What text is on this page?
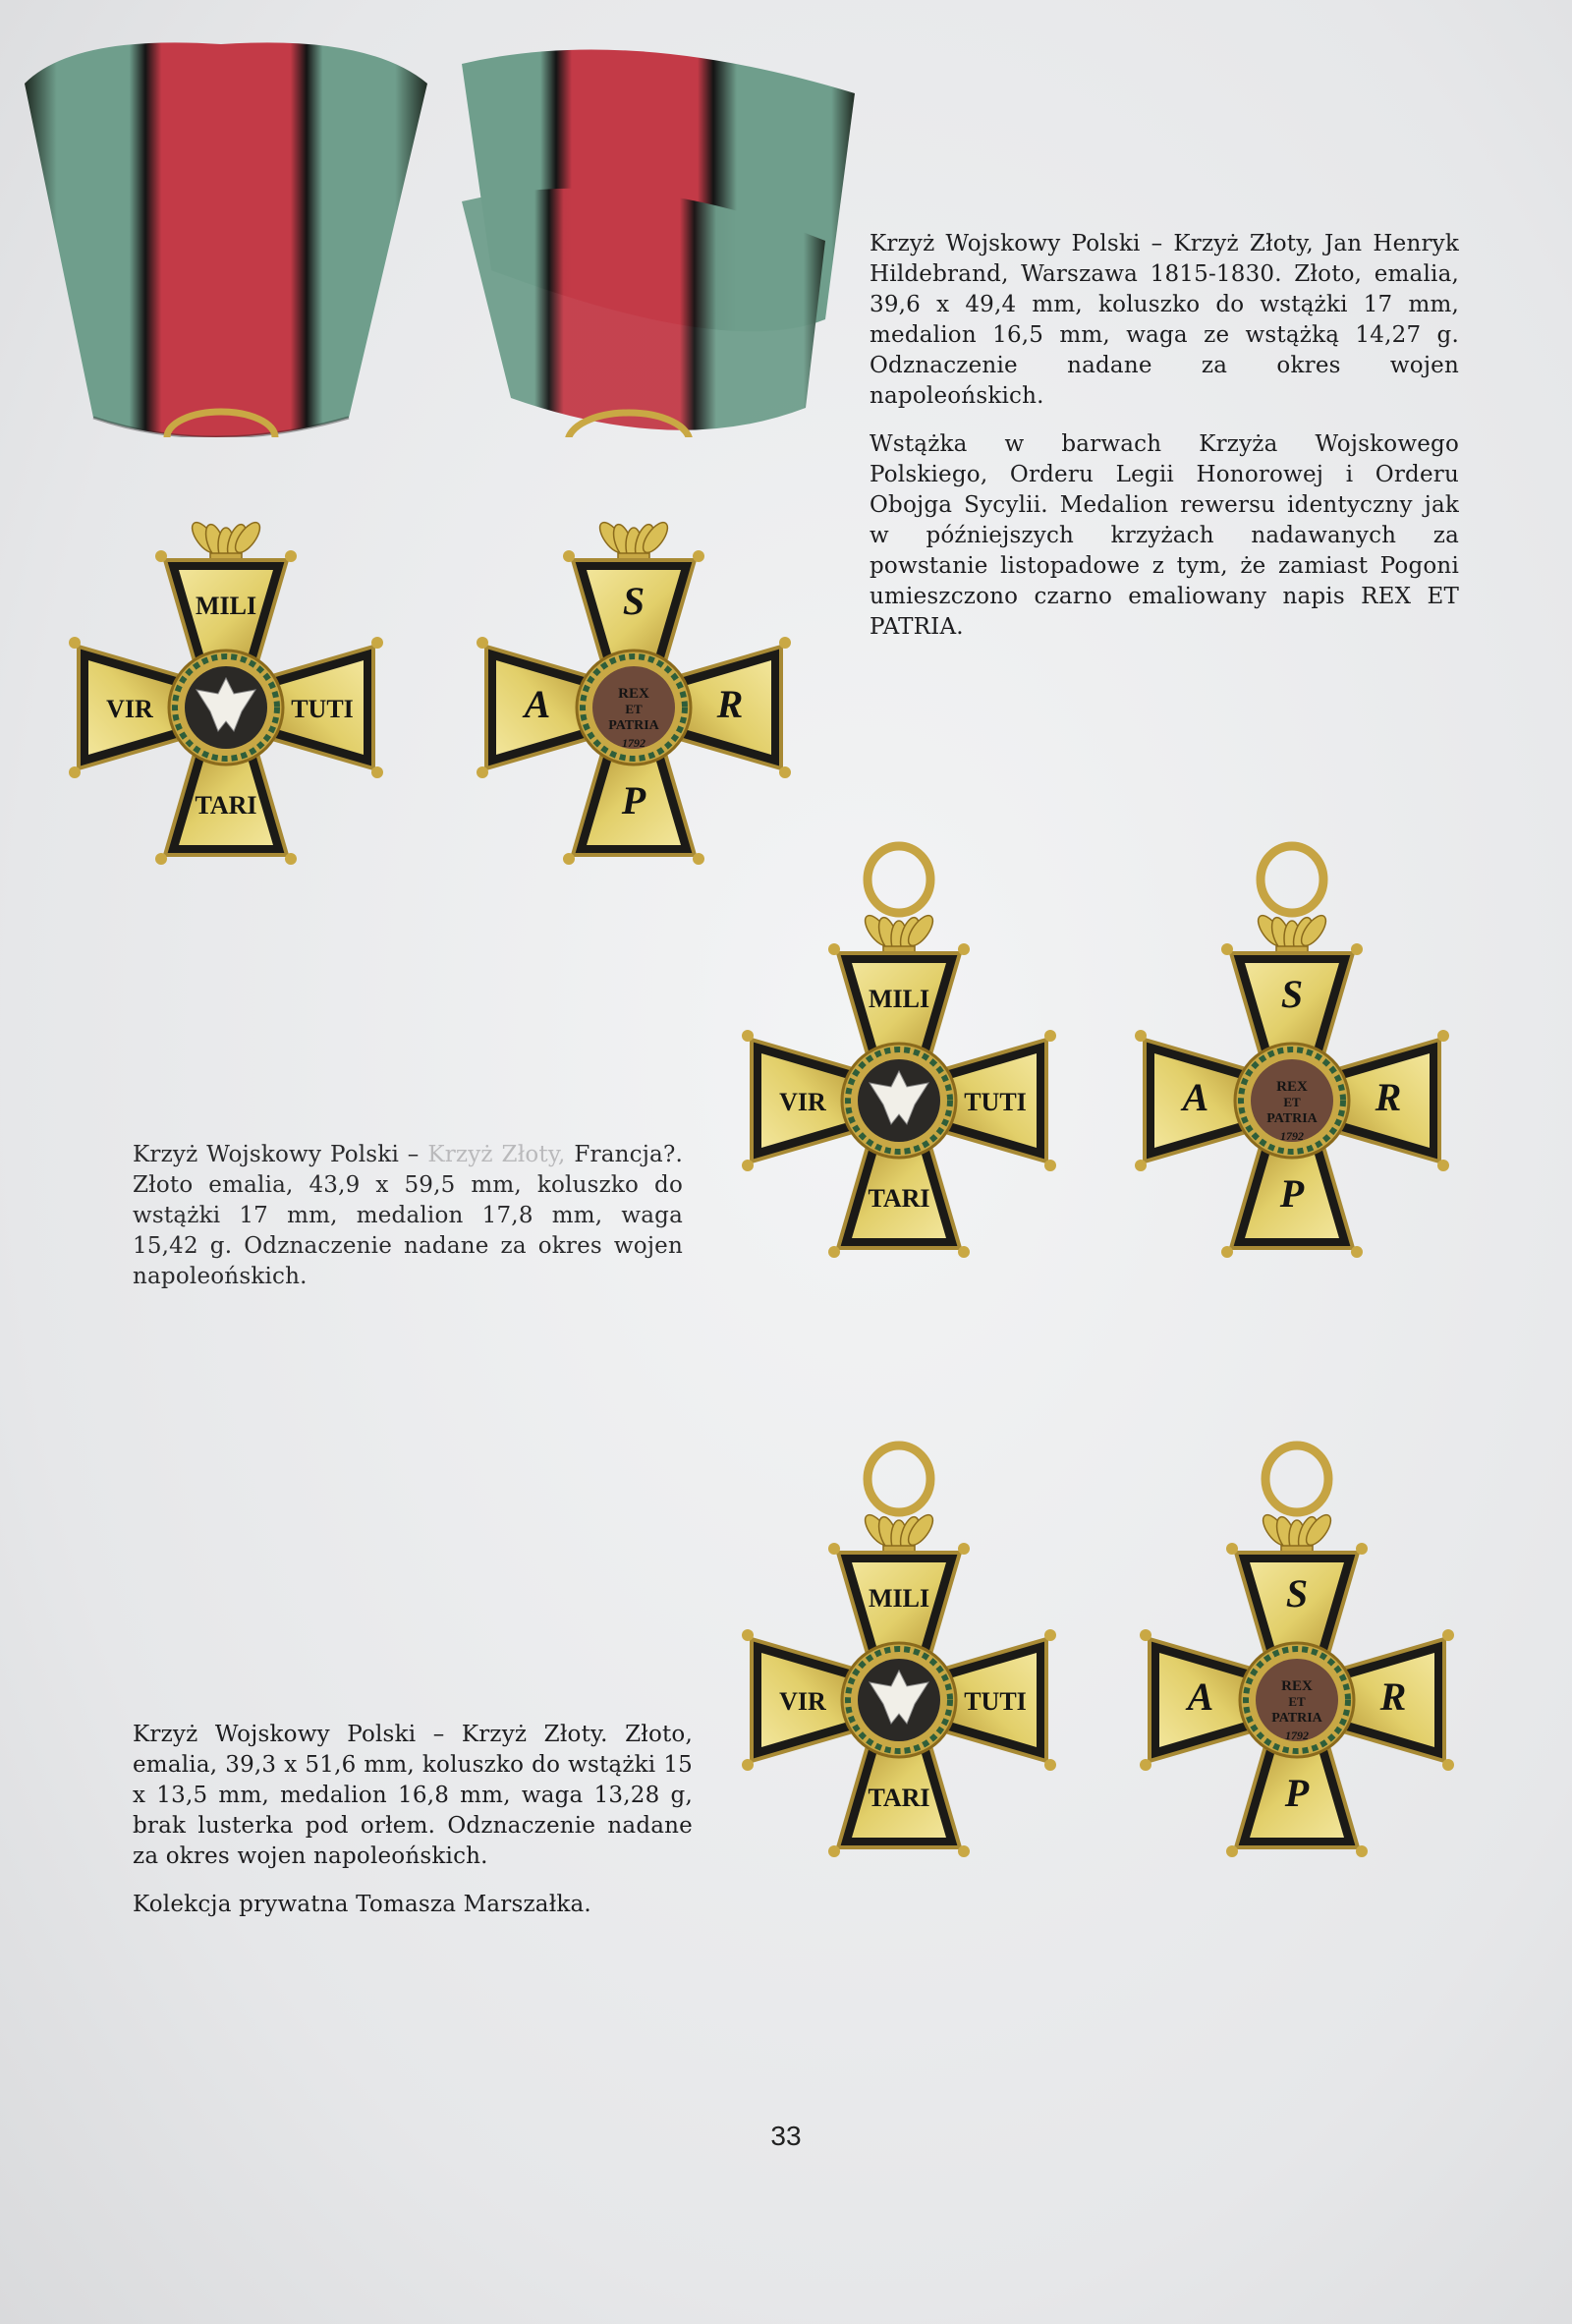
MILI
TARI
VIR	TUTI
S
P
A	R
REX
ET
PATRIA
1792
MILI
TARI
VIR	TUTI
S
P
A	R
REX
ET
PATRIA
1792
MILI
TARI
VIR	TUTI
S
P
A	R
REX
ET
PATRIA
1792

Krzyż Wojskowy Polski – Krzyż Złoty, Jan Henryk Hildebrand, Warszawa 1815-1830. Złoto, emalia, 39,6 x 49,4 mm, koluszko do wstążki 17 mm, medalion 16,5 mm, waga ze wstążką 14,27 g. Odznaczenie nadane za okres wojen napoleońskich.

Wstążka w barwach Krzyża Wojskowego Polskiego, Orderu Legii Honorowej i Orderu Obojga Sycylii. Medalion rewersu identyczny jak w późniejszych krzyżach nadawanych za powstanie listopadowe z tym, że zamiast Pogoni umieszczono czarno emaliowany napis REX ET PATRIA.

Krzyż Wojskowy Polski – Krzyż Złoty, Francja?. Złoto emalia, 43,9 x 59,5 mm, koluszko do wstążki 17 mm, medalion 17,8 mm, waga 15,42 g. Odznaczenie nadane za okres wojen napoleońskich.

Krzyż Wojskowy Polski – Krzyż Złoty. Złoto, emalia, 39,3 x 51,6 mm, koluszko do wstążki 15 x 13,5 mm, medalion 16,8 mm, waga 13,28 g, brak lusterka pod orłem. Odznaczenie nadane za okres wojen napoleońskich.

Kolekcja prywatna Tomasza Marszałka.

33
